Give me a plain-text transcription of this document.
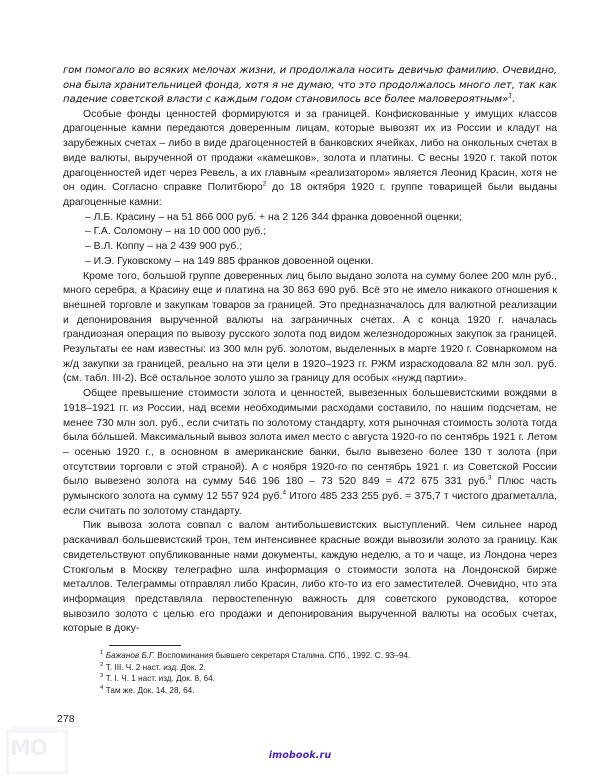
гом помогало во всяких мелочах жизни, и продолжала носить девичью фамилию. Очевидно, она была хранительницей фонда, хотя я не думаю, что это продолжалось много лет, так как падение советской власти с каждым годом становилось все более маловероятным»$^1$.

Особые фонды ценностей формируются и за границей. Конфискованные у имущих классов драгоценные камни передаются доверенным лицам, которые вывозят их из России и кладут на зарубежных счетах – либо в виде драгоценностей в банковских ячейках, либо на онкольных счетах в виде валюты, вырученной от продажи «камешков», золота и платины. С весны 1920 г. такой поток драгоценностей идет через Ревель, а их главным «реализатором» является Леонид Красин, хотя не он один. Согласно справке Политбюро$^2$ до 18 октября 1920 г. группе товарищей были выданы драгоценные камни:

– Л.Б. Красину – на 51 866 000 руб. + на 2 126 344 франка довоенной оценки;
– Г.А. Соломону – на 10 000 000 руб.;
– В.Л. Коппу – на 2 439 900 руб.;
– И.Э. Гуковскому – на 149 885 франков довоенной оценки.

Кроме того, большой группе доверенных лиц было выдано золота на сумму более 200 млн руб., много серебра, а Красину еще и платина на 30 863 690 руб. Всё это не имело никакого отношения к внешней торговле и закупкам товаров за границей. Это предназначалось для валютной реализации и депонирования вырученной валюты на заграничных счетах. А с конца 1920 г. началась грандиозная операция по вывозу русского золота под видом железнодорожных закупок за границей. Результаты ее нам известны: из 300 млн руб. золотом, выделенных в марте 1920 г. Совнаркомом на ж/д закупки за границей, реально на эти цели в 1920–1923 гг. РЖМ израсходовала 82 млн зол. руб. (см. табл. III-2). Всё остальное золото ушло за границу для особых «нужд партии».

Общее превышение стоимости золота и ценностей, вывезенных большевистскими вождями в 1918–1921 гг. из России, над всеми необходимыми расходами составило, по нашим подсчетам, не менее 730 млн зол. руб., если считать по золотому стандарту, хотя рыночная стоимость золота тогда была бо́льшей. Максимальный вывоз золота имел место с августа 1920-го по сентябрь 1921 г. Летом – осенью 1920 г., в основном в американские банки, было вывезено более 130 т золота (при отсутствии торговли с этой страной). А с ноября 1920-го по сентябрь 1921 г. из Советской России было вывезено золота на сумму 546 196 180 – 73 520 849 = 472 675 331 руб.$^3$ Плюс часть румынского золота на сумму 12 557 924 руб.$^4$ Итого 485 233 255 руб. = 375,7 т чистого драгметалла, если считать по золотому стандарту.

Пик вывоза золота совпал с валом антибольшевистских выступлений. Чем сильнее народ раскачивал большевистский трон, тем интенсивнее красные вожди вывозили золото за границу. Как свидетельствуют опубликованные нами документы, каждую неделю, а то и чаще, из Лондона через Стокгольм в Москву телеграфно шла информация о стоимости золота на Лондонской бирже металлов. Телеграммы отправлял либо Красин, либо кто-то из его заместителей. Очевидно, что эта информация представляла первостепенную важность для советского руководства, которое вывозило золото с целью его продажи и депонирования вырученной валюты на особых счетах, которые в доку-

$^1$ Бажанов Б.Г. Воспоминания бывшего секретаря Сталина. СПб., 1992. С. 93–94.

$^2$ Т. III. Ч. 2 наст. изд. Док. 2.

$^3$ Т. I. Ч. 1 наст. изд. Док. 8, 64.

$^4$ Там же. Док. 14, 28, 64.

278
imobook.ru
MO
